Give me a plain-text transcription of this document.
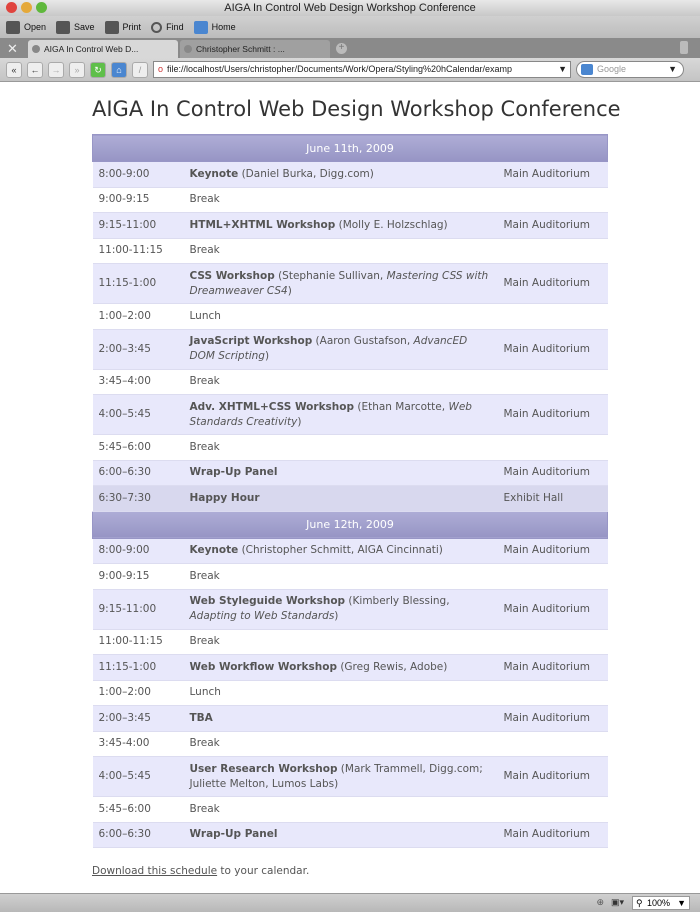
AIGA In Control Web Design Workshop Conference
Open	Save	Print	Find	Home
✕	AIGA In Control Web D...	Christopher Schmitt : ...	+
«	←	→	»	↻	⌂	/	o file://localhost/Users/christopher/Documents/Work/Opera/Styling%20hCalendar/examp	▼	Google	▼
AIGA In Control Web Design Workshop Conference
June 11th, 2009		
8:00-9:00	Keynote (Daniel Burka, Digg.com)	Main Auditorium
9:00-9:15	Break	
9:15-11:00	HTML+XHTML Workshop (Molly E. Holzschlag)	Main Auditorium
11:00-11:15	Break	
11:15-1:00	CSS Workshop (Stephanie Sullivan, Mastering CSS with Dreamweaver CS4)	Main Auditorium
1:00–2:00	Lunch	
2:00–3:45	JavaScript Workshop (Aaron Gustafson, AdvancED DOM Scripting)	Main Auditorium
3:45–4:00	Break	
4:00–5:45	Adv. XHTML+CSS Workshop (Ethan Marcotte, Web Standards Creativity)	Main Auditorium
5:45–6:00	Break	
6:00–6:30	Wrap-Up Panel	Main Auditorium
6:30–7:30	Happy Hour	Exhibit Hall
June 12th, 2009		
8:00-9:00	Keynote (Christopher Schmitt, AIGA Cincinnati)	Main Auditorium
9:00-9:15	Break	
9:15-11:00	Web Styleguide Workshop (Kimberly Blessing, Adapting to Web Standards)	Main Auditorium
11:00-11:15	Break	
11:15-1:00	Web Workflow Workshop (Greg Rewis, Adobe)	Main Auditorium
1:00–2:00	Lunch	
2:00–3:45	TBA	Main Auditorium
3:45-4:00	Break	
4:00–5:45	User Research Workshop (Mark Trammell, Digg.com; Juliette Melton, Lumos Labs)	Main Auditorium
5:45–6:00	Break	
6:00–6:30	Wrap-Up Panel	Main Auditorium
Download this schedule to your calendar.
⊕ ▣▾ ⚲ 100% ▼
